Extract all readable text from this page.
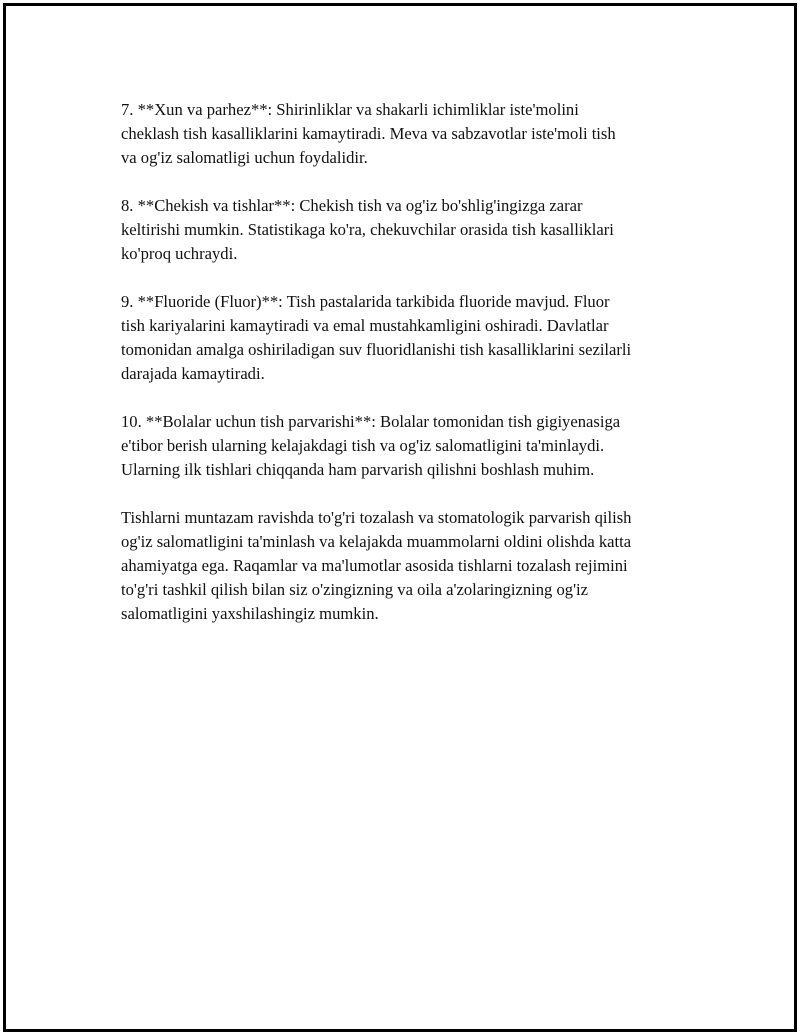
7. **Xun va parhez**: Shirinliklar va shakarli ichimliklar iste'molini
cheklash tish kasalliklarini kamaytiradi. Meva va sabzavotlar iste'moli tish
va og'iz salomatligi uchun foydalidir.

8. **Chekish va tishlar**: Chekish tish va og'iz bo'shlig'ingizga zarar
keltirishi mumkin. Statistikaga ko'ra, chekuvchilar orasida tish kasalliklari
ko'proq uchraydi.

9. **Fluoride (Fluor)**: Tish pastalarida tarkibida fluoride mavjud. Fluor
tish kariyalarini kamaytiradi va emal mustahkamligini oshiradi. Davlatlar
tomonidan amalga oshiriladigan suv fluoridlanishi tish kasalliklarini sezilarli
darajada kamaytiradi.

10. **Bolalar uchun tish parvarishi**: Bolalar tomonidan tish gigiyenasiga
e'tibor berish ularning kelajakdagi tish va og'iz salomatligini ta'minlaydi.
Ularning ilk tishlari chiqqanda ham parvarish qilishni boshlash muhim.

Tishlarni muntazam ravishda to'g'ri tozalash va stomatologik parvarish qilish
og'iz salomatligini ta'minlash va kelajakda muammolarni oldini olishda katta
ahamiyatga ega. Raqamlar va ma'lumotlar asosida tishlarni tozalash rejimini
to'g'ri tashkil qilish bilan siz o'zingizning va oila a'zolaringizning og'iz
salomatligini yaxshilashingiz mumkin.
